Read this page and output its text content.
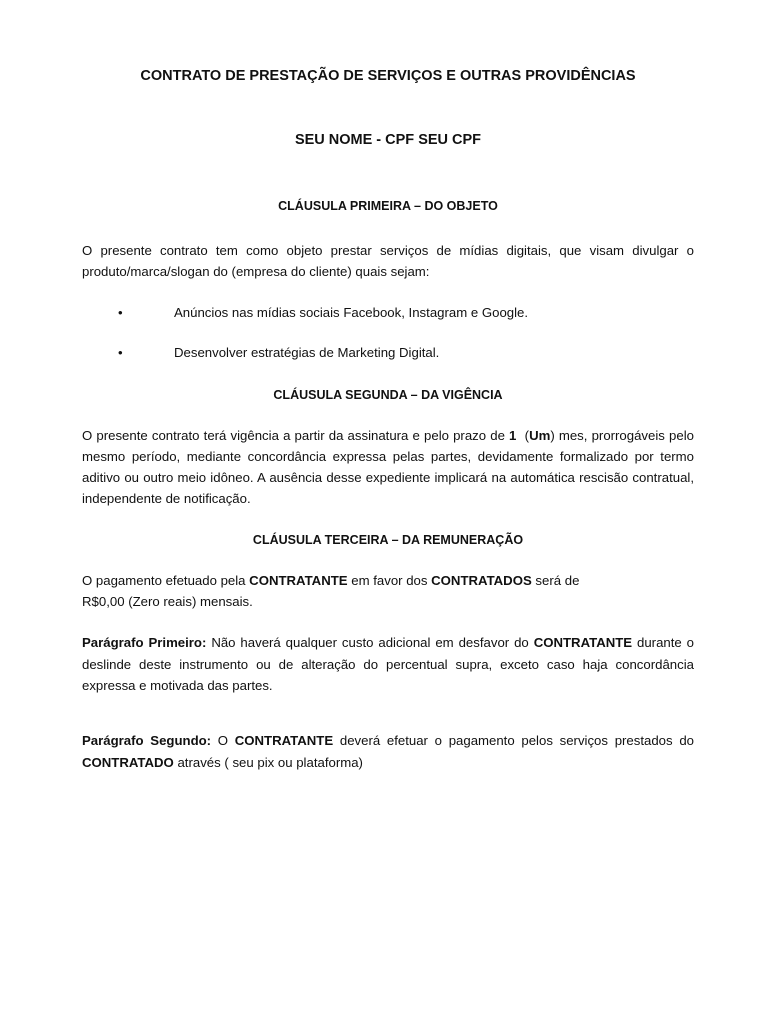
CONTRATO DE PRESTAÇÃO DE SERVIÇOS E OUTRAS PROVIDÊNCIAS
SEU NOME - CPF SEU CPF
CLÁUSULA PRIMEIRA – DO OBJETO

O presente contrato tem como objeto prestar serviços de mídias digitais, que visam divulgar o produto/marca/slogan do (empresa do cliente) quais sejam:

•	Anúncios nas mídias sociais Facebook, Instagram e Google.
•	Desenvolver estratégias de Marketing Digital.
CLÁUSULA SEGUNDA – DA VIGÊNCIA

O presente contrato terá vigência a partir da assinatura e pelo prazo de 1  (Um) mes, prorrogáveis pelo mesmo período, mediante concordância expressa pelas partes, devidamente formalizado por termo aditivo ou outro meio idôneo. A ausência desse expediente implicará na automática rescisão contratual, independente de notificação.

CLÁUSULA TERCEIRA – DA REMUNERAÇÃO

O pagamento efetuado pela CONTRATANTE em favor dos CONTRATADOS será de
R$0,00 (Zero reais) mensais.

Parágrafo Primeiro: Não haverá qualquer custo adicional em desfavor do CONTRATANTE durante o deslinde deste instrumento ou de alteração do percentual supra, exceto caso haja concordância expressa e motivada das partes.

Parágrafo Segundo: O CONTRATANTE deverá efetuar o pagamento pelos serviços prestados do CONTRATADO através ( seu pix ou plataforma)
